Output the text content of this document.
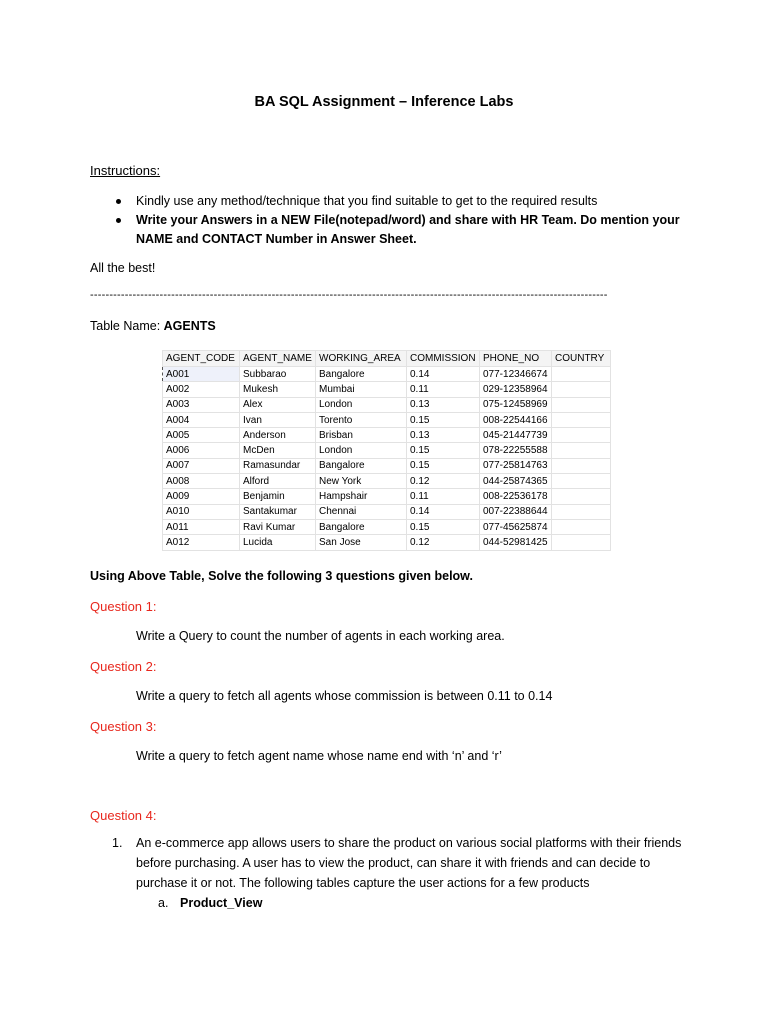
BA SQL Assignment – Inference Labs
Instructions:
Kindly use any method/technique that you find suitable to get to the required results
Write your Answers in a NEW File(notepad/word) and share with HR Team. Do mention your NAME and CONTACT Number in Answer Sheet.
All the best!
--------------------------------------------------------------------------------------------------------------------------------------
Table Name: AGENTS
AGENT_CODE	AGENT_NAME	WORKING_AREA	COMMISSION	PHONE_NO	COUNTRY
A001	Subbarao	Bangalore	0.14	077-12346674	
A002	Mukesh	Mumbai	0.11	029-12358964	
A003	Alex	London	0.13	075-12458969	
A004	Ivan	Torento	0.15	008-22544166	
A005	Anderson	Brisban	0.13	045-21447739	
A006	McDen	London	0.15	078-22255588	
A007	Ramasundar	Bangalore	0.15	077-25814763	
A008	Alford	New York	0.12	044-25874365	
A009	Benjamin	Hampshair	0.11	008-22536178	
A010	Santakumar	Chennai	0.14	007-22388644	
A011	Ravi Kumar	Bangalore	0.15	077-45625874	
A012	Lucida	San Jose	0.12	044-52981425	
Using Above Table, Solve the following 3 questions given below.
Question 1:
Write a Query to count the number of agents in each working area.
Question 2:
Write a query to fetch all agents whose commission is between 0.11 to 0.14
Question 3:
Write a query to fetch agent name whose name end with ‘n’ and ‘r’
Question 4:
1. An e-commerce app allows users to share the product on various social platforms with their friends before purchasing. A user has to view the product, can share it with friends and can decide to purchase it or not. The following tables capture the user actions for a few products
a. Product_View
